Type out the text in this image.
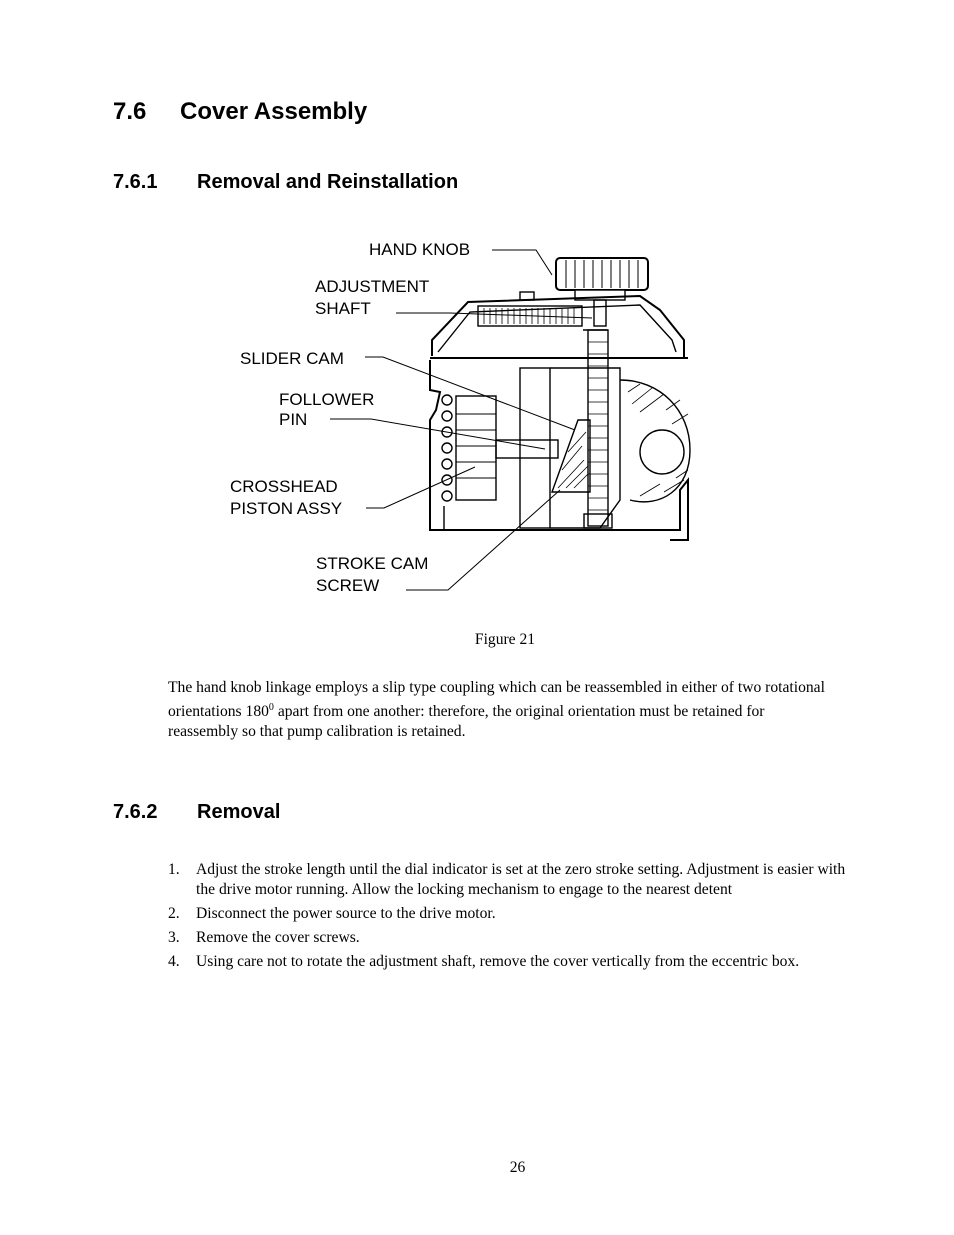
7.6 Cover Assembly
7.6.1 Removal and Reinstallation
HAND KNOB
ADJUSTMENT
SHAFT
SLIDER CAM
FOLLOWER
PIN
CROSSHEAD
PISTON ASSY
STROKE CAM
SCREW
Figure 21
The hand knob linkage employs a slip type coupling which can be reassembled in either of two rotational orientations $180^0$ apart from one another: therefore, the original orientation must be retained for reassembly so that pump calibration is retained.
7.6.2 Removal
1. Adjust the stroke length until the dial indicator is set at the zero stroke setting. Adjustment is easier with the drive motor running. Allow the locking mechanism to engage to the nearest detent
2. Disconnect the power source to the drive motor.
3. Remove the cover screws.
4. Using care not to rotate the adjustment shaft, remove the cover vertically from the eccentric box.
26
